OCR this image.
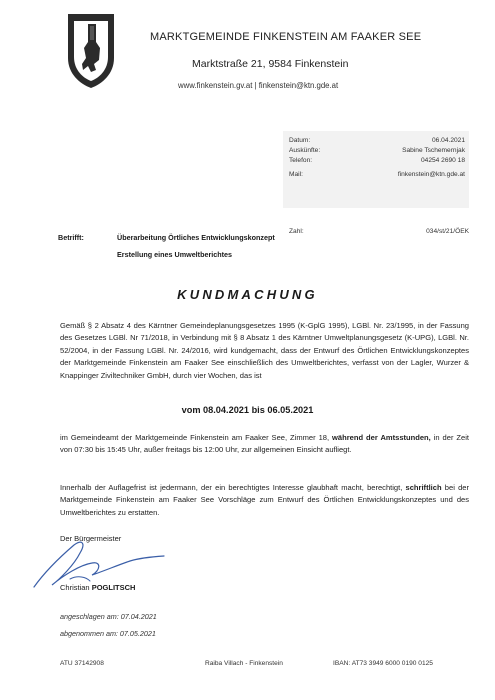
MARKTGEMEINDE FINKENSTEIN AM FAAKER SEE
Marktstraße 21, 9584 Finkenstein
www.finkenstein.gv.at | finkenstein@ktn.gde.at
Datum:	06.04.2021
Auskünfte:	Sabine Tschemernjak
Telefon:	04254 2690 18
Mail:	finkenstein@ktn.gde.at
Zahl:	034/st/21/ÖEK
Betrifft:	Überarbeitung Örtliches Entwicklungskonzept
Erstellung eines Umweltberichtes
KUNDMACHUNG
Gemäß § 2 Absatz 4 des Kärntner Gemeindeplanungsgesetzes 1995 (K-GplG 1995), LGBl. Nr. 23/1995, in der Fassung des Gesetzes LGBl. Nr 71/2018, in Verbindung mit § 8 Absatz 1 des Kärntner Umweltplanungsgesetz (K-UPG), LGBl. Nr. 52/2004, in der Fassung LGBl. Nr. 24/2016, wird kundgemacht, dass der Entwurf des Örtlichen Entwicklungskonzeptes der Marktgemeinde Finkenstein am Faaker See einschließlich des Umweltberichtes, verfasst von der Lagler, Wurzer & Knappinger Ziviltechniker GmbH, durch vier Wochen, das ist
vom 08.04.2021 bis 06.05.2021
im Gemeindeamt der Marktgemeinde Finkenstein am Faaker See, Zimmer 18, während der Amtsstunden, in der Zeit von 07:30 bis 15:45 Uhr, außer freitags bis 12:00 Uhr, zur allgemeinen Einsicht aufliegt.
Innerhalb der Auflagefrist ist jedermann, der ein berechtigtes Interesse glaubhaft macht, berechtigt, schriftlich bei der Marktgemeinde Finkenstein am Faaker See Vorschläge zum Entwurf des Örtlichen Entwicklungskonzeptes und des Umweltberichtes zu erstatten.
Der Bürgermeister
Christian POGLITSCH
angeschlagen am: 07.04.2021
abgenommen am: 07.05.2021
ATU 37142908	Raiba Villach - Finkenstein	IBAN: AT73 3949 6000 0190 0125
